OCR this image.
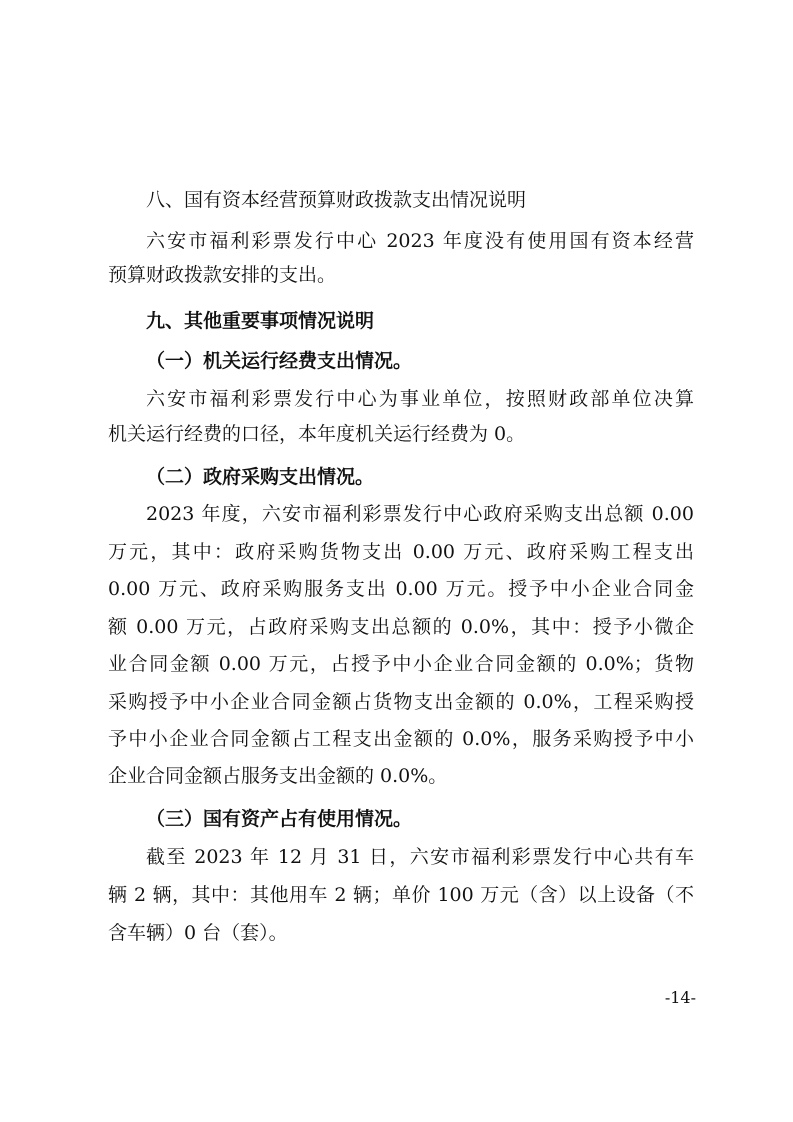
八、国有资本经营预算财政拨款支出情况说明

六安市福利彩票发行中心 2023 年度没有使用国有资本经营

预算财政拨款安排的支出。

九、其他重要事项情况说明

（一）机关运行经费支出情况。

六安市福利彩票发行中心为事业单位，按照财政部单位决算

机关运行经费的口径，本年度机关运行经费为 0。

（二）政府采购支出情况。

2023 年度，六安市福利彩票发行中心政府采购支出总额 0.00

万元，其中：政府采购货物支出 0.00 万元、政府采购工程支出

0.00 万元、政府采购服务支出 0.00 万元。授予中小企业合同金

额 0.00 万元，占政府采购支出总额的 0.0%，其中：授予小微企

业合同金额 0.00 万元，占授予中小企业合同金额的 0.0%；货物

采购授予中小企业合同金额占货物支出金额的 0.0%，工程采购授

予中小企业合同金额占工程支出金额的 0.0%，服务采购授予中小

企业合同金额占服务支出金额的 0.0%。

（三）国有资产占有使用情况。

截至 2023 年 12 月 31 日，六安市福利彩票发行中心共有车

辆 2 辆，其中：其他用车 2 辆；单价 100 万元（含）以上设备（不

含车辆）0 台（套）。

-14-
